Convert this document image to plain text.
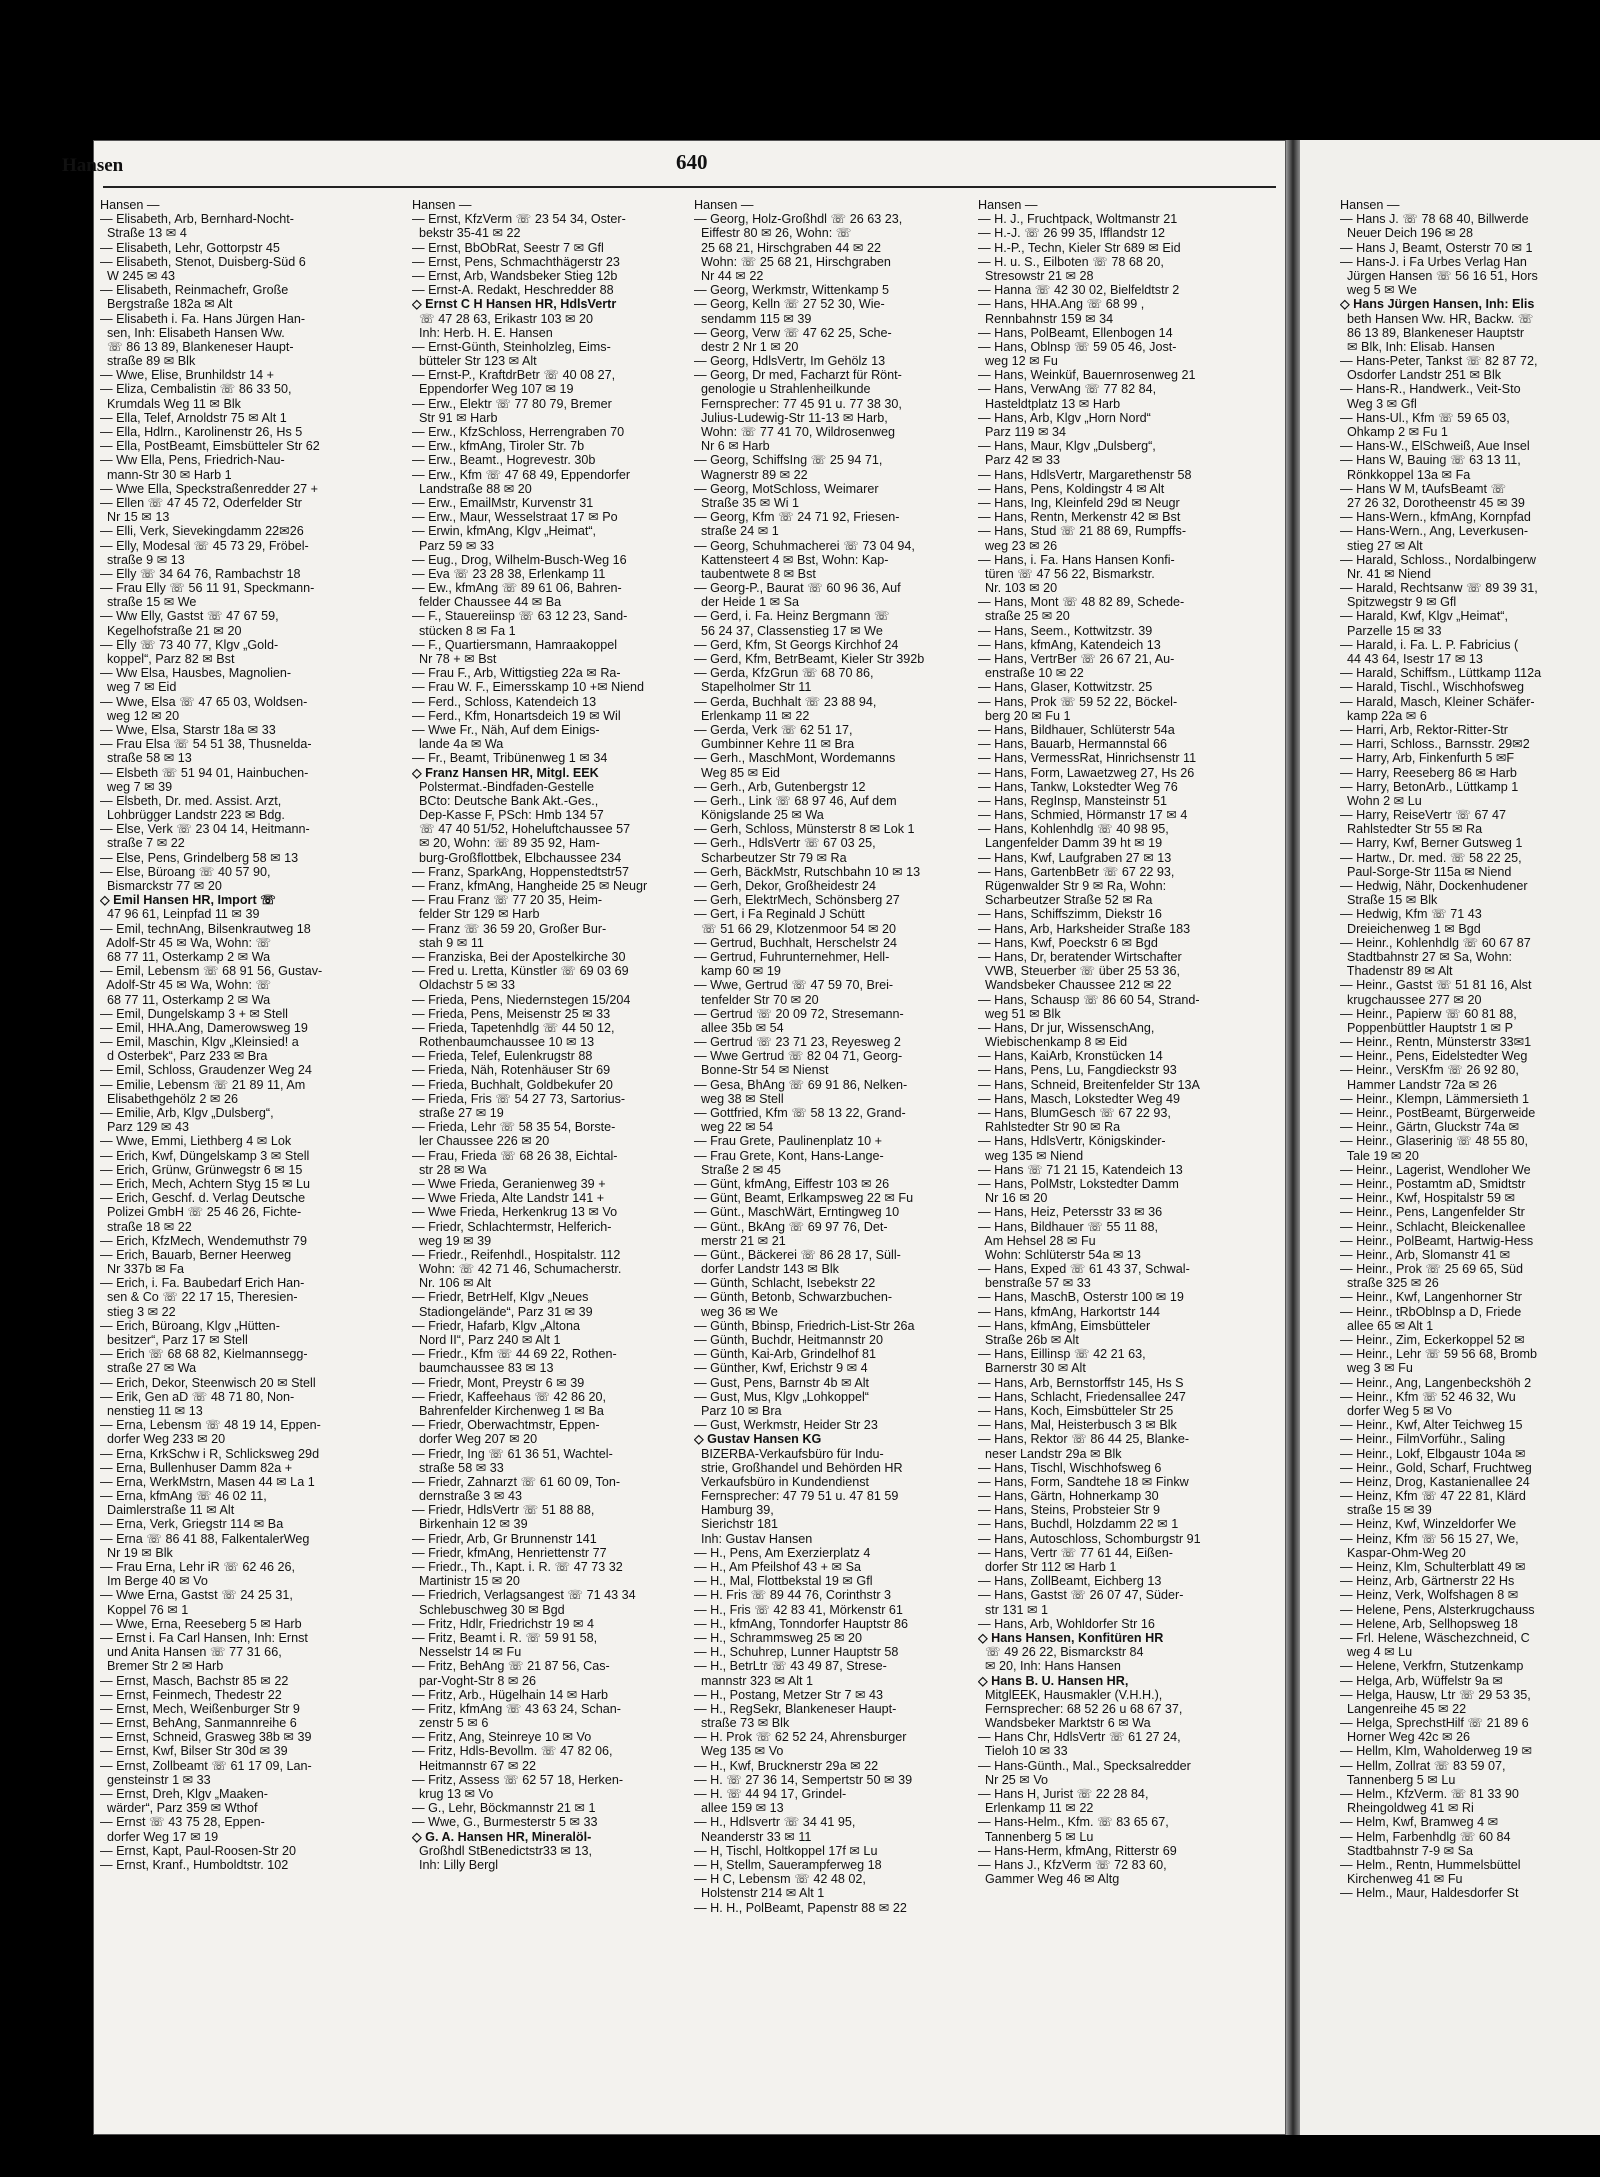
Hansen	640
Hansen —
— Elisabeth, Arb, Bernhard-Nocht-
Straße 13 ✉ 4
— Elisabeth, Lehr, Gottorpstr 45
— Elisabeth, Stenot, Duisberg-Süd 6
W 245 ✉ 43
— Elisabeth, Reinmachefr, Große
Bergstraße 182a ✉ Alt
— Elisabeth i. Fa. Hans Jürgen Han-
sen, Inh: Elisabeth Hansen Ww.
☏ 86 13 89, Blankeneser Haupt-
straße 89 ✉ Blk
— Wwe, Elise, Brunhildstr 14 +
— Eliza, Cembalistin ☏ 86 33 50,
Krumdals Weg 11 ✉ Blk
— Ella, Telef, Arnoldstr 75 ✉ Alt 1
— Ella, Hdlrn., Karolinenstr 26, Hs 5
— Ella, PostBeamt, Eimsbütteler Str 62
— Ww Ella, Pens, Friedrich-Nau-
mann-Str 30 ✉ Harb 1
— Wwe Ella, Speckstraßenredder 27 +
— Ellen ☏ 47 45 72, Oderfelder Str
Nr 15 ✉ 13
— Elli, Verk, Sievekingdamm 22✉26
— Elly, Modesal ☏ 45 73 29, Fröbel-
straße 9 ✉ 13
— Elly ☏ 34 64 76, Rambachstr 18
— Frau Elly ☏ 56 11 91, Speckmann-
straße 15 ✉ We
— Ww Elly, Gastst ☏ 47 67 59,
Kegelhofstraße 21 ✉ 20
— Elly ☏ 73 40 77, Klgv „Gold-
koppel“, Parz 82 ✉ Bst
— Ww Elsa, Hausbes, Magnolien-
weg 7 ✉ Eid
— Wwe, Elsa ☏ 47 65 03, Woldsen-
weg 12 ✉ 20
— Wwe, Elsa, Starstr 18a ✉ 33
— Frau Elsa ☏ 54 51 38, Thusnelda-
straße 58 ✉ 13
— Elsbeth ☏ 51 94 01, Hainbuchen-
weg 7 ✉ 39
— Elsbeth, Dr. med. Assist. Arzt,
Lohbrügger Landstr 223 ✉ Bdg.
— Else, Verk ☏ 23 04 14, Heitmann-
straße 7 ✉ 22
— Else, Pens, Grindelberg 58 ✉ 13
— Else, Büroang ☏ 40 57 90,
Bismarckstr 77 ✉ 20
◇ Emil Hansen HR, Import ☏
47 96 61, Leinpfad 11 ✉ 39
— Emil, technAng, Bilsenkrautweg 18
Adolf-Str 45 ✉ Wa, Wohn: ☏
68 77 11, Osterkamp 2 ✉ Wa
— Emil, Lebensm ☏ 68 91 56, Gustav-
Adolf-Str 45 ✉ Wa, Wohn: ☏
68 77 11, Osterkamp 2 ✉ Wa
— Emil, Dungelskamp 3 + ✉ Stell
— Emil, HHA.Ang, Damerowsweg 19
— Emil, Maschin, Klgv „Kleinsied! a
d Osterbek“, Parz 233 ✉ Bra
— Emil, Schloss, Graudenzer Weg 24
— Emilie, Lebensm ☏ 21 89 11, Am
Elisabethgehölz 2 ✉ 26
— Emilie, Arb, Klgv „Dulsberg“,
Parz 129 ✉ 43
— Wwe, Emmi, Liethberg 4 ✉ Lok
— Erich, Kwf, Düngelskamp 3 ✉ Stell
— Erich, Grünw, Grünwegstr 6 ✉ 15
— Erich, Mech, Achtern Styg 15 ✉ Lu
— Erich, Geschf. d. Verlag Deutsche
Polizei GmbH ☏ 25 46 26, Fichte-
straße 18 ✉ 22
— Erich, KfzMech, Wendemuthstr 79
— Erich, Bauarb, Berner Heerweg
Nr 337b ✉ Fa
— Erich, i. Fa. Baubedarf Erich Han-
sen & Co ☏ 22 17 15, Theresien-
stieg 3 ✉ 22
— Erich, Büroang, Klgv „Hütten-
besitzer“, Parz 17 ✉ Stell
— Erich ☏ 68 68 82, Kielmannsegg-
straße 27 ✉ Wa
— Erich, Dekor, Steenwisch 20 ✉ Stell
— Erik, Gen aD ☏ 48 71 80, Non-
nenstieg 11 ✉ 13
— Erna, Lebensm ☏ 48 19 14, Eppen-
dorfer Weg 233 ✉ 20
— Erna, KrkSchw i R, Schlicksweg 29d
— Erna, Bullenhuser Damm 82a +
— Erna, WerkMstrn, Masen 44 ✉ La 1
— Erna, kfmAng ☏ 46 02 11,
Daimlerstraße 11 ✉ Alt
— Erna, Verk, Griegstr 114 ✉ Ba
— Erna ☏ 86 41 88, FalkentalerWeg
Nr 19 ✉ Blk
— Frau Erna, Lehr iR ☏ 62 46 26,
Im Berge 40 ✉ Vo
— Wwe Erna, Gastst ☏ 24 25 31,
Koppel 76 ✉ 1
— Wwe, Erna, Reeseberg 5 ✉ Harb
— Ernst i. Fa Carl Hansen, Inh: Ernst
und Anita Hansen ☏ 77 31 66,
Bremer Str 2 ✉ Harb
— Ernst, Masch, Bachstr 85 ✉ 22
— Ernst, Feinmech, Thedestr 22
— Ernst, Mech, Weißenburger Str 9
— Ernst, BehAng, Sanmannreihe 6
— Ernst, Schneid, Grasweg 38b ✉ 39
— Ernst, Kwf, Bilser Str 30d ✉ 39
— Ernst, Zollbeamt ☏ 61 17 09, Lan-
gensteinstr 1 ✉ 33
— Ernst, Dreh, Klgv „Maaken-
wärder“, Parz 359 ✉ Wthof
— Ernst ☏ 43 75 28, Eppen-
dorfer Weg 17 ✉ 19
— Ernst, Kapt, Paul-Roosen-Str 20
— Ernst, Kranf., Humboldtstr. 102
Hansen —
— Ernst, KfzVerm ☏ 23 54 34, Oster-
bekstr 35-41 ✉ 22
— Ernst, BbObRat, Seestr 7 ✉ Gfl
— Ernst, Pens, Schmachthägerstr 23
— Ernst, Arb, Wandsbeker Stieg 12b
— Ernst-A. Redakt, Heschredder 88
◇ Ernst C H Hansen HR, HdlsVertr
☏ 47 28 63, Erikastr 103 ✉ 20
Inh: Herb. H. E. Hansen
— Ernst-Günth, Steinholzleg, Eims-
bütteler Str 123 ✉ Alt
— Ernst-P., KraftdrBetr ☏ 40 08 27,
Eppendorfer Weg 107 ✉ 19
— Erw., Elektr ☏ 77 80 79, Bremer
Str 91 ✉ Harb
— Erw., KfzSchloss, Herrengraben 70
— Erw., kfmAng, Tiroler Str. 7b
— Erw., Beamt., Hogrevestr. 30b
— Erw., Kfm ☏ 47 68 49, Eppendorfer
Landstraße 88 ✉ 20
— Erw., EmailMstr, Kurvenstr 31
— Erw., Maur, Wesselstraat 17 ✉ Po
— Erwin, kfmAng, Klgv „Heimat“,
Parz 59 ✉ 33
— Eug., Drog, Wilhelm-Busch-Weg 16
— Eva ☏ 23 28 38, Erlenkamp 11
— Ew., kfmAng ☏ 89 61 06, Bahren-
felder Chaussee 44 ✉ Ba
— F., Stauereiinsp ☏ 63 12 23, Sand-
stücken 8 ✉ Fa 1
— F., Quartiersmann, Hamraakoppel
Nr 78 + ✉ Bst
— Frau F., Arb, Wittigstieg 22a ✉ Ra-
— Frau W. F., Eimersskamp 10 +✉ Niend
— Ferd., Schloss, Katendeich 13
— Ferd., Kfm, Honartsdeich 19 ✉ Wil
— Wwe Fr., Näh, Auf dem Einigs-
lande 4a ✉ Wa
— Fr., Beamt, Tribünenweg 1 ✉ 34
◇ Franz Hansen HR, Mitgl. EEK
Polstermat.-Bindfaden-Gestelle
BCto: Deutsche Bank Akt.-Ges.,
Dep-Kasse F, PSch: Hmb 134 57
☏ 47 40 51/52, Hoheluftchaussee 57
✉ 20, Wohn: ☏ 89 35 92, Ham-
burg-Großflottbek, Elbchaussee 234
— Franz, SparkAng, Hoppenstedtstr57
— Franz, kfmAng, Hangheide 25 ✉ Neugr
— Frau Franz ☏ 77 20 35, Heim-
felder Str 129 ✉ Harb
— Franz ☏ 36 59 20, Großer Bur-
stah 9 ✉ 11
— Franziska, Bei der Apostelkirche 30
— Fred u. Lretta, Künstler ☏ 69 03 69
Oldachstr 5 ✉ 33
— Frieda, Pens, Niedernstegen 15/204
— Frieda, Pens, Meisenstr 25 ✉ 33
— Frieda, Tapetenhdlg ☏ 44 50 12,
Rothenbaumchaussee 10 ✉ 13
— Frieda, Telef, Eulenkrugstr 88
— Frieda, Näh, Rotenhäuser Str 69
— Frieda, Buchhalt, Goldbekufer 20
— Frieda, Fris ☏ 54 27 73, Sartorius-
straße 27 ✉ 19
— Frieda, Lehr ☏ 58 35 54, Borste-
ler Chaussee 226 ✉ 20
— Frau, Frieda ☏ 68 26 38, Eichtal-
str 28 ✉ Wa
— Wwe Frieda, Geranienweg 39 +
— Wwe Frieda, Alte Landstr 141 +
— Wwe Frieda, Herkenkrug 13 ✉ Vo
— Friedr, Schlachtermstr, Helferich-
weg 19 ✉ 39
— Friedr., Reifenhdl., Hospitalstr. 112
Wohn: ☏ 42 71 46, Schumacherstr.
Nr. 106 ✉ Alt
— Friedr, BetrHelf, Klgv „Neues
Stadiongelände“, Parz 31 ✉ 39
— Friedr, Hafarb, Klgv „Altona
Nord II“, Parz 240 ✉ Alt 1
— Friedr., Kfm ☏ 44 69 22, Rothen-
baumchaussee 83 ✉ 13
— Friedr, Mont, Preystr 6 ✉ 39
— Friedr, Kaffeehaus ☏ 42 86 20,
Bahrenfelder Kirchenweg 1 ✉ Ba
— Friedr, Oberwachtmstr, Eppen-
dorfer Weg 207 ✉ 20
— Friedr, Ing ☏ 61 36 51, Wachtel-
straße 58 ✉ 33
— Friedr, Zahnarzt ☏ 61 60 09, Ton-
dernstraße 3 ✉ 43
— Friedr, HdlsVertr ☏ 51 88 88,
Birkenhain 12 ✉ 39
— Friedr, Arb, Gr Brunnenstr 141
— Friedr, kfmAng, Henriettenstr 77
— Friedr., Th., Kapt. i. R. ☏ 47 73 32
Martinistr 15 ✉ 20
— Friedrich, Verlagsangest ☏ 71 43 34
Schlebuschweg 30 ✉ Bgd
— Fritz, Hdlr, Friedrichstr 19 ✉ 4
— Fritz, Beamt i. R. ☏ 59 91 58,
Nesselstr 14 ✉ Fu
— Fritz, BehAng ☏ 21 87 56, Cas-
par-Voght-Str 8 ✉ 26
— Fritz, Arb., Hügelhain 14 ✉ Harb
— Fritz, kfmAng ☏ 43 63 24, Schan-
zenstr 5 ✉ 6
— Fritz, Ang, Steinreye 10 ✉ Vo
— Fritz, Hdls-Bevollm. ☏ 47 82 06,
Heitmannstr 67 ✉ 22
— Fritz, Assess ☏ 62 57 18, Herken-
krug 13 ✉ Vo
— G., Lehr, Böckmannstr 21 ✉ 1
— Wwe, G., Burmesterstr 5 ✉ 33
◇ G. A. Hansen HR, Mineralöl-
Großhdl StBenedictstr33 ✉ 13,
Inh: Lilly Bergl
Hansen —
— Georg, Holz-Großhdl ☏ 26 63 23,
Eiffestr 80 ✉ 26, Wohn: ☏
25 68 21, Hirschgraben 44 ✉ 22
Wohn: ☏ 25 68 21, Hirschgraben
Nr 44 ✉ 22
— Georg, Werkmstr, Wittenkamp 5
— Georg, Kelln ☏ 27 52 30, Wie-
sendamm 115 ✉ 39
— Georg, Verw ☏ 47 62 25, Sche-
destr 2 Nr 1 ✉ 20
— Georg, HdlsVertr, Im Gehölz 13
— Georg, Dr med, Facharzt für Rönt-
genologie u Strahlenheilkunde
Fernsprecher: 77 45 91 u. 77 38 30,
Julius-Ludewig-Str 11-13 ✉ Harb,
Wohn: ☏ 77 41 70, Wildrosenweg
Nr 6 ✉ Harb
— Georg, SchiffsIng ☏ 25 94 71,
Wagnerstr 89 ✉ 22
— Georg, MotSchloss, Weimarer
Straße 35 ✉ Wi 1
— Georg, Kfm ☏ 24 71 92, Friesen-
straße 24 ✉ 1
— Georg, Schuhmacherei ☏ 73 04 94,
Kattensteert 4 ✉ Bst, Wohn: Kap-
taubentwete 8 ✉ Bst
— Georg-P., Baurat ☏ 60 96 36, Auf
der Heide 1 ✉ Sa
— Gerd, i. Fa. Heinz Bergmann ☏
56 24 37, Classenstieg 17 ✉ We
— Gerd, Kfm, St Georgs Kirchhof 24
— Gerd, Kfm, BetrBeamt, Kieler Str 392b
— Gerda, KfzGrun ☏ 68 70 86,
Stapelholmer Str 11
— Gerda, Buchhalt ☏ 23 88 94,
Erlenkamp 11 ✉ 22
— Gerda, Verk ☏ 62 51 17,
Gumbinner Kehre 11 ✉ Bra
— Gerh., MaschMont, Wordemanns
Weg 85 ✉ Eid
— Gerh., Arb, Gutenbergstr 12
— Gerh., Link ☏ 68 97 46, Auf dem
Königslande 25 ✉ Wa
— Gerh, Schloss, Münsterstr 8 ✉ Lok 1
— Gerh., HdlsVertr ☏ 67 03 25,
Scharbeutzer Str 79 ✉ Ra
— Gerh, BäckMstr, Rutschbahn 10 ✉ 13
— Gerh, Dekor, Großheidestr 24
— Gerh, ElektrMech, Schönsberg 27
— Gert, i Fa Reginald J Schütt
☏ 51 66 29, Klotzenmoor 54 ✉ 20
— Gertrud, Buchhalt, Herschelstr 24
— Gertrud, Fuhrunternehmer, Hell-
kamp 60 ✉ 19
— Wwe, Gertrud ☏ 47 59 70, Brei-
tenfelder Str 70 ✉ 20
— Gertrud ☏ 20 09 72, Stresemann-
allee 35b ✉ 54
— Gertrud ☏ 23 71 23, Reyesweg 2
— Wwe Gertrud ☏ 82 04 71, Georg-
Bonne-Str 54 ✉ Nienst
— Gesa, BhAng ☏ 69 91 86, Nelken-
weg 38 ✉ Stell
— Gottfried, Kfm ☏ 58 13 22, Grand-
weg 22 ✉ 54
— Frau Grete, Paulinenplatz 10 +
— Frau Grete, Kont, Hans-Lange-
Straße 2 ✉ 45
— Günt, kfmAng, Eiffestr 103 ✉ 26
— Günt, Beamt, Erlkampsweg 22 ✉ Fu
— Günt., MaschWärt, Erntingweg 10
— Günt., BkAng ☏ 69 97 76, Det-
merstr 21 ✉ 21
— Günt., Bäckerei ☏ 86 28 17, Süll-
dorfer Landstr 143 ✉ Blk
— Günth, Schlacht, Isebekstr 22
— Günth, Betonb, Schwarzbuchen-
weg 36 ✉ We
— Günth, Bbinsp, Friedrich-List-Str 26a
— Günth, Buchdr, Heitmannstr 20
— Günth, Kai-Arb, Grindelhof 81
— Günther, Kwf, Erichstr 9 ✉ 4
— Gust, Pens, Barnstr 4b ✉ Alt
— Gust, Mus, Klgv „Lohkoppel“
Parz 10 ✉ Bra
— Gust, Werkmstr, Heider Str 23
◇ Gustav Hansen KG
BIZERBA-Verkaufsbüro für Indu-
strie, Großhandel und Behörden HR
Verkaufsbüro in Kundendienst
Fernsprecher: 47 79 51 u. 47 81 59
Hamburg 39,
Sierichstr 181
Inh: Gustav Hansen
— H., Pens, Am Exerzierplatz 4
— H., Am Pfeilshof 43 + ✉ Sa
— H., Mal, Flottbekstal 19 ✉ Gfl
— H. Fris ☏ 89 44 76, Corinthstr 3
— H., Fris ☏ 42 83 41, Mörkenstr 61
— H., kfmAng, Tonndorfer Hauptstr 86
— H., Schrammsweg 25 ✉ 20
— H., Schuhrep, Lunner Hauptstr 58
— H., BetrLtr ☏ 43 49 87, Strese-
mannstr 323 ✉ Alt 1
— H., Postang, Metzer Str 7 ✉ 43
— H., RegSekr, Blankeneser Haupt-
straße 73 ✉ Blk
— H. Prok ☏ 62 52 24, Ahrensburger
Weg 135 ✉ Vo
— H., Kwf, Brucknerstr 29a ✉ 22
— H. ☏ 27 36 14, Sempertstr 50 ✉ 39
— H. ☏ 44 94 17, Grindel-
allee 159 ✉ 13
— H., Hdlsvertr ☏ 34 41 95,
Neanderstr 33 ✉ 11
— H, Tischl, Holtkoppel 17f ✉ Lu
— H, Stellm, Sauerampferweg 18
— H C, Lebensm ☏ 42 48 02,
Holstenstr 214 ✉ Alt 1
— H. H., PolBeamt, Papenstr 88 ✉ 22
Hansen —
— H. J., Fruchtpack, Woltmanstr 21
— H.-J. ☏ 26 99 35, Ifflandstr 12
— H.-P., Techn, Kieler Str 689 ✉ Eid
— H. u. S., Eilboten ☏ 78 68 20,
Stresowstr 21 ✉ 28
— Hanna ☏ 42 30 02, Bielfeldtstr 2
— Hans, HHA.Ang ☏ 68 99 ,
Rennbahnstr 159 ✉ 34
— Hans, PolBeamt, Ellenbogen 14
— Hans, Oblnsp ☏ 59 05 46, Jost-
weg 12 ✉ Fu
— Hans, Weinküf, Bauernrosenweg 21
— Hans, VerwAng ☏ 77 82 84,
Hasteldtplatz 13 ✉ Harb
— Hans, Arb, Klgv „Horn Nord“
Parz 119 ✉ 34
— Hans, Maur, Klgv „Dulsberg“,
Parz 42 ✉ 33
— Hans, HdlsVertr, Margarethenstr 58
— Hans, Pens, Koldingstr 4 ✉ Alt
— Hans, Ing, Kleinfeld 29d ✉ Neugr
— Hans, Rentn, Merkenstr 42 ✉ Bst
— Hans, Stud ☏ 21 88 69, Rumpffs-
weg 23 ✉ 26
— Hans, i. Fa. Hans Hansen Konfi-
türen ☏ 47 56 22, Bismarkstr.
Nr. 103 ✉ 20
— Hans, Mont ☏ 48 82 89, Schede-
straße 25 ✉ 20
— Hans, Seem., Kottwitzstr. 39
— Hans, kfmAng, Katendeich 13
— Hans, VertrBer ☏ 26 67 21, Au-
enstraße 10 ✉ 22
— Hans, Glaser, Kottwitzstr. 25
— Hans, Prok ☏ 59 52 22, Böckel-
berg 20 ✉ Fu 1
— Hans, Bildhauer, Schlüterstr 54a
— Hans, Bauarb, Hermannstal 66
— Hans, VermessRat, Hinrichsenstr 11
— Hans, Form, Lawaetzweg 27, Hs 26
— Hans, Tankw, Lokstedter Weg 76
— Hans, RegInsp, Mansteinstr 51
— Hans, Schmied, Hörmanstr 17 ✉ 4
— Hans, Kohlenhdlg ☏ 40 98 95,
Langenfelder Damm 39 ht ✉ 19
— Hans, Kwf, Laufgraben 27 ✉ 13
— Hans, GartenbBetr ☏ 67 22 93,
Rügenwalder Str 9 ✉ Ra, Wohn:
Scharbeutzer Straße 52 ✉ Ra
— Hans, Schiffszimm, Diekstr 16
— Hans, Arb, Harksheider Straße 183
— Hans, Kwf, Poeckstr 6 ✉ Bgd
— Hans, Dr, beratender Wirtschafter
VWB, Steuerber ☏ über 25 53 36,
Wandsbeker Chaussee 212 ✉ 22
— Hans, Schausp ☏ 86 60 54, Strand-
weg 51 ✉ Blk
— Hans, Dr jur, WissenschAng,
Wiebischenkamp 8 ✉ Eid
— Hans, KaiArb, Kronstücken 14
— Hans, Pens, Lu, Fangdieckstr 93
— Hans, Schneid, Breitenfelder Str 13A
— Hans, Masch, Lokstedter Weg 49
— Hans, BlumGesch ☏ 67 22 93,
Rahlstedter Str 90 ✉ Ra
— Hans, HdlsVertr, Königskinder-
weg 135 ✉ Niend
— Hans ☏ 71 21 15, Katendeich 13
— Hans, PolMstr, Lokstedter Damm
Nr 16 ✉ 20
— Hans, Heiz, Petersstr 33 ✉ 36
— Hans, Bildhauer ☏ 55 11 88,
Am Hehsel 28 ✉ Fu
Wohn: Schlüterstr 54a ✉ 13
— Hans, Exped ☏ 61 43 37, Schwal-
benstraße 57 ✉ 33
— Hans, MaschB, Osterstr 100 ✉ 19
— Hans, kfmAng, Harkortstr 144
— Hans, kfmAng, Eimsbütteler
Straße 26b ✉ Alt
— Hans, Eillinsp ☏ 42 21 63,
Barnerstr 30 ✉ Alt
— Hans, Arb, Bernstorffstr 145, Hs S
— Hans, Schlacht, Friedensallee 247
— Hans, Koch, Eimsbütteler Str 25
— Hans, Mal, Heisterbusch 3 ✉ Blk
— Hans, Rektor ☏ 86 44 25, Blanke-
neser Landstr 29a ✉ Blk
— Hans, Tischl, Wischhofsweg 6
— Hans, Form, Sandtehe 18 ✉ Finkw
— Hans, Gärtn, Hohnerkamp 30
— Hans, Steins, Probsteier Str 9
— Hans, Buchdl, Holzdamm 22 ✉ 1
— Hans, Autoschloss, Schomburgstr 91
— Hans, Vertr ☏ 77 61 44, Eißen-
dorfer Str 112 ✉ Harb 1
— Hans, ZollBeamt, Eichberg 13
— Hans, Gastst ☏ 26 07 47, Süder-
str 131 ✉ 1
— Hans, Arb, Wohldorfer Str 16
◇ Hans Hansen, Konfitüren HR
☏ 49 26 22, Bismarckstr 84
✉ 20, Inh: Hans Hansen
◇ Hans B. U. Hansen HR,
MitglEEK, Hausmakler (V.H.H.),
Fernsprecher: 68 52 26 u 68 67 37,
Wandsbeker Marktstr 6 ✉ Wa
— Hans Chr, HdlsVertr ☏ 61 27 24,
Tieloh 10 ✉ 33
— Hans-Günth., Mal., Specksalredder
Nr 25 ✉ Vo
— Hans H, Jurist ☏ 22 28 84,
Erlenkamp 11 ✉ 22
— Hans-Helm., Kfm. ☏ 83 65 67,
Tannenberg 5 ✉ Lu
— Hans-Herm, kfmAng, Ritterstr 69
— Hans J., KfzVerm ☏ 72 83 60,
Gammer Weg 46 ✉ Altg
Hansen —
— Hans J. ☏ 78 68 40, Billwerde
Neuer Deich 196 ✉ 28
— Hans J, Beamt, Osterstr 70 ✉ 1
— Hans-J. i Fa Urbes Verlag Han
Jürgen Hansen ☏ 56 16 51, Hors
weg 5 ✉ We
◇ Hans Jürgen Hansen, Inh: Elis
beth Hansen Ww. HR, Backw. ☏
86 13 89, Blankeneser Hauptstr
✉ Blk, Inh: Elisab. Hansen
— Hans-Peter, Tankst ☏ 82 87 72,
Osdorfer Landstr 251 ✉ Blk
— Hans-R., Handwerk., Veit-Sto
Weg 3 ✉ Gfl
— Hans-Ul., Kfm ☏ 59 65 03,
Ohkamp 2 ✉ Fu 1
— Hans-W., ElSchweiß, Aue Insel
— Hans W, Bauing ☏ 63 13 11,
Rönkkoppel 13a ✉ Fa
— Hans W M, tAufsBeamt ☏
27 26 32, Dorotheenstr 45 ✉ 39
— Hans-Wern., kfmAng, Kornpfad
— Hans-Wern., Ang, Leverkusen-
stieg 27 ✉ Alt
— Harald, Schloss., Nordalbingerw
Nr. 41 ✉ Niend
— Harald, Rechtsanw ☏ 89 39 31,
Spitzwegstr 9 ✉ Gfl
— Harald, Kwf, Klgv „Heimat“,
Parzelle 15 ✉ 33
— Harald, i. Fa. L. P. Fabricius (
44 43 64, Isestr 17 ✉ 13
— Harald, Schiffsm., Lüttkamp 112a
— Harald, Tischl., Wischhofsweg
— Harald, Masch, Kleiner Schäfer-
kamp 22a ✉ 6
— Harri, Arb, Rektor-Ritter-Str
— Harri, Schloss., Barnsstr. 29✉2
— Harry, Arb, Finkenfurth 5 ✉F
— Harry, Reeseberg 86 ✉ Harb
— Harry, BetonArb., Lüttkamp 1
Wohn 2 ✉ Lu
— Harry, ReiseVertr ☏ 67 47
Rahlstedter Str 55 ✉ Ra
— Harry, Kwf, Berner Gutsweg 1
— Hartw., Dr. med. ☏ 58 22 25,
Paul-Sorge-Str 115a ✉ Niend
— Hedwig, Nähr, Dockenhudener
Straße 15 ✉ Blk
— Hedwig, Kfm ☏ 71 43
Dreieichenweg 1 ✉ Bgd
— Heinr., Kohlenhdlg ☏ 60 67 87
Stadtbahnstr 27 ✉ Sa, Wohn:
Thadenstr 89 ✉ Alt
— Heinr., Gastst ☏ 51 81 16, Alst
krugchaussee 277 ✉ 20
— Heinr., Papierw ☏ 60 81 88,
Poppenbüttler Hauptstr 1 ✉ P
— Heinr., Rentn, Münsterstr 33✉1
— Heinr., Pens, Eidelstedter Weg
— Heinr., VersKfm ☏ 26 92 80,
Hammer Landstr 72a ✉ 26
— Heinr., Klempn, Lämmersieth 1
— Heinr., PostBeamt, Bürgerweide
— Heinr., Gärtn, Gluckstr 74a ✉
— Heinr., Glaserinig ☏ 48 55 80,
Tale 19 ✉ 20
— Heinr., Lagerist, Wendloher We
— Heinr., Postamtm aD, Smidtstr
— Heinr., Kwf, Hospitalstr 59 ✉
— Heinr., Pens, Langenfelder Str
— Heinr., Schlacht, Bleickenallee
— Heinr., PolBeamt, Hartwig-Hess
— Heinr., Arb, Slomanstr 41 ✉
— Heinr., Prok ☏ 25 69 65, Süd
straße 325 ✉ 26
— Heinr., Kwf, Langenhorner Str
— Heinr., tRbOblnsp a D, Friede
allee 65 ✉ Alt 1
— Heinr., Zim, Eckerkoppel 52 ✉
— Heinr., Lehr ☏ 59 56 68, Bromb
weg 3 ✉ Fu
— Heinr., Ang, Langenbeckshöh 2
— Heinr., Kfm ☏ 52 46 32, Wu
dorfer Weg 5 ✉ Vo
— Heinr., Kwf, Alter Teichweg 15
— Heinr., FilmVorführ., Saling
— Heinr., Lokf, Elbgaustr 104a ✉
— Heinr., Gold, Scharf, Fruchtweg
— Heinz, Drog, Kastanienallee 24
— Heinz, Kfm ☏ 47 22 81, Klärd
straße 15 ✉ 39
— Heinz, Kwf, Winzeldorfer We
— Heinz, Kfm ☏ 56 15 27, We,
Kaspar-Ohm-Weg 20
— Heinz, Klm, Schulterblatt 49 ✉
— Heinz, Arb, Gärtnerstr 22 Hs
— Heinz, Verk, Wolfshagen 8 ✉
— Helene, Pens, Alsterkrugchauss
— Helene, Arb, Sellhopsweg 18
— Frl. Helene, Wäschezchneid, C
weg 4 ✉ Lu
— Helene, Verkfrn, Stutzenkamp
— Helga, Arb, Wüffelstr 9a ✉
— Helga, Hausw, Ltr ☏ 29 53 35,
Langenreihe 45 ✉ 22
— Helga, SprechstHilf ☏ 21 89 6
Horner Weg 42c ✉ 26
— Hellm, Klm, Waholderweg 19 ✉
— Hellm, Zollrat ☏ 83 59 07,
Tannenberg 5 ✉ Lu
— Helm., KfzVerm. ☏ 81 33 90
Rheingoldweg 41 ✉ Ri
— Helm, Kwf, Bramweg 4 ✉
— Helm, Farbenhdlg ☏ 60 84
Stadtbahnstr 7-9 ✉ Sa
— Helm., Rentn, Hummelsbüttel
Kirchenweg 41 ✉ Fu
— Helm., Maur, Haldesdorfer St
